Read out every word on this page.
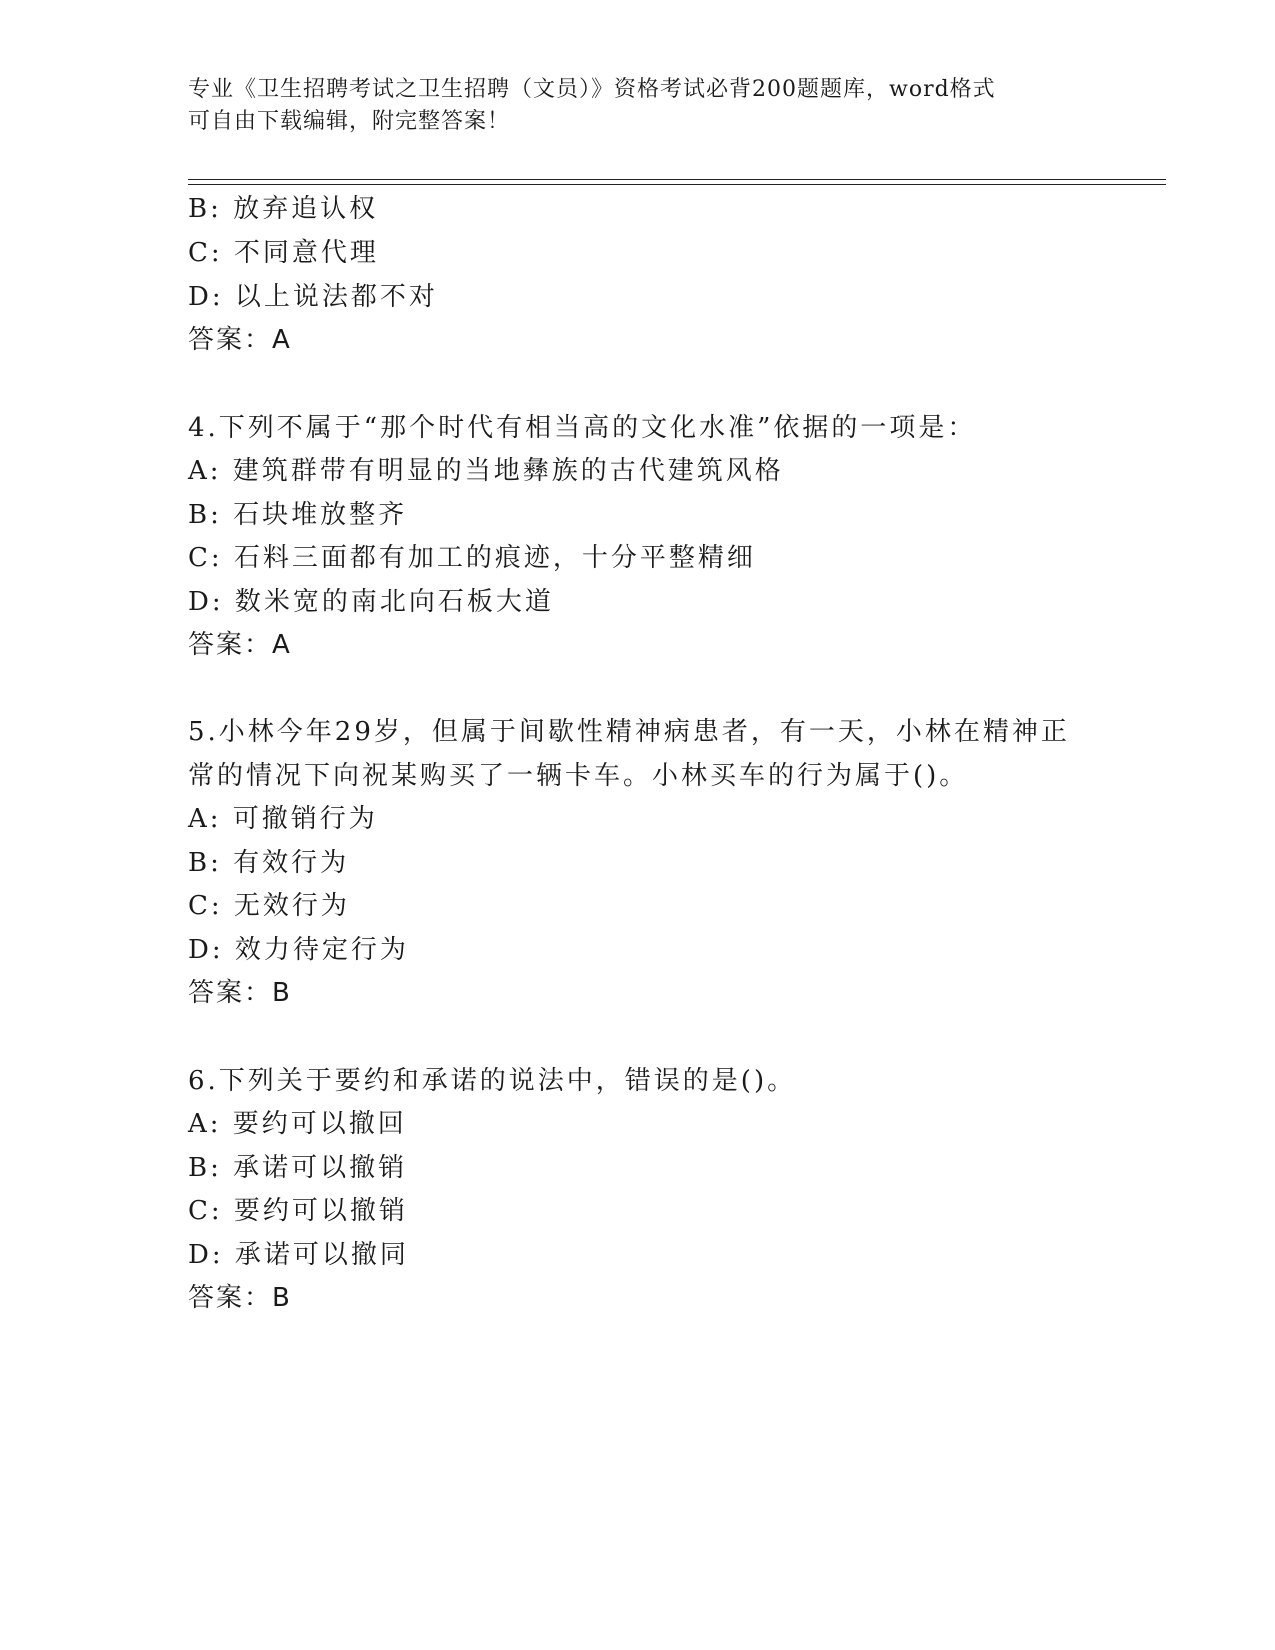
专业《卫生招聘考试之卫生招聘（文员）》资格考试必背200题题库，word格式
可自由下载编辑，附完整答案！
B: 放弃追认权
C: 不同意代理
D: 以上说法都不对
答案：A
4.下列不属于“那个时代有相当高的文化水准”依据的一项是：
A: 建筑群带有明显的当地彝族的古代建筑风格
B: 石块堆放整齐
C: 石料三面都有加工的痕迹，十分平整精细
D: 数米宽的南北向石板大道
答案：A
5.小林今年29岁，但属于间歇性精神病患者，有一天，小林在精神正
常的情况下向祝某购买了一辆卡车。小林买车的行为属于()。
A: 可撤销行为
B: 有效行为
C: 无效行为
D: 效力待定行为
答案：B
6.下列关于要约和承诺的说法中，错误的是()。
A: 要约可以撤回
B: 承诺可以撤销
C: 要约可以撤销
D: 承诺可以撤同
答案：B
